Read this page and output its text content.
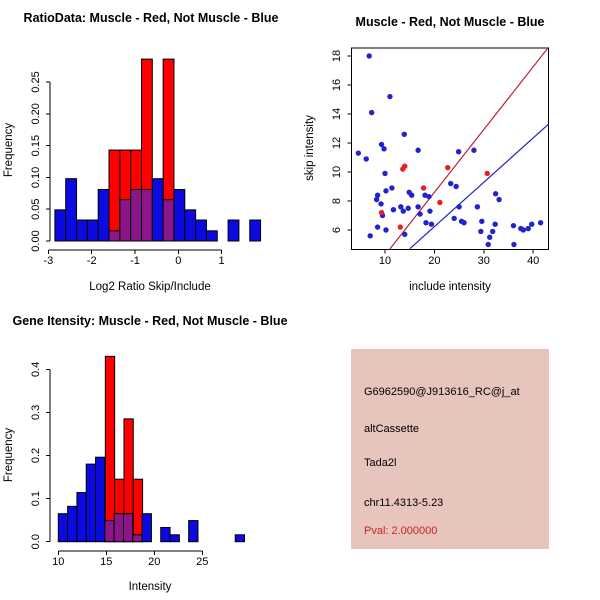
-3	-2	-1	0	1
0.00
0.05
0.10
0.15
0.20
0.25
RatioData: Muscle - Red, Not Muscle - Blue
Log2 Ratio Skip/Include
Frequency
10	20	30	40
6
8
10
12
14
16
18
Muscle - Red, Not Muscle - Blue
include intensity
skip intensity
10	15	20	25
0.0
0.1
0.2
0.3
0.4
Gene Itensity: Muscle - Red, Not Muscle - Blue
Intensity
Frequency
G6962590@J913616_RC@j_at
altCassette
Tada2l
chr11.4313-5.23
Pval: 2.000000
